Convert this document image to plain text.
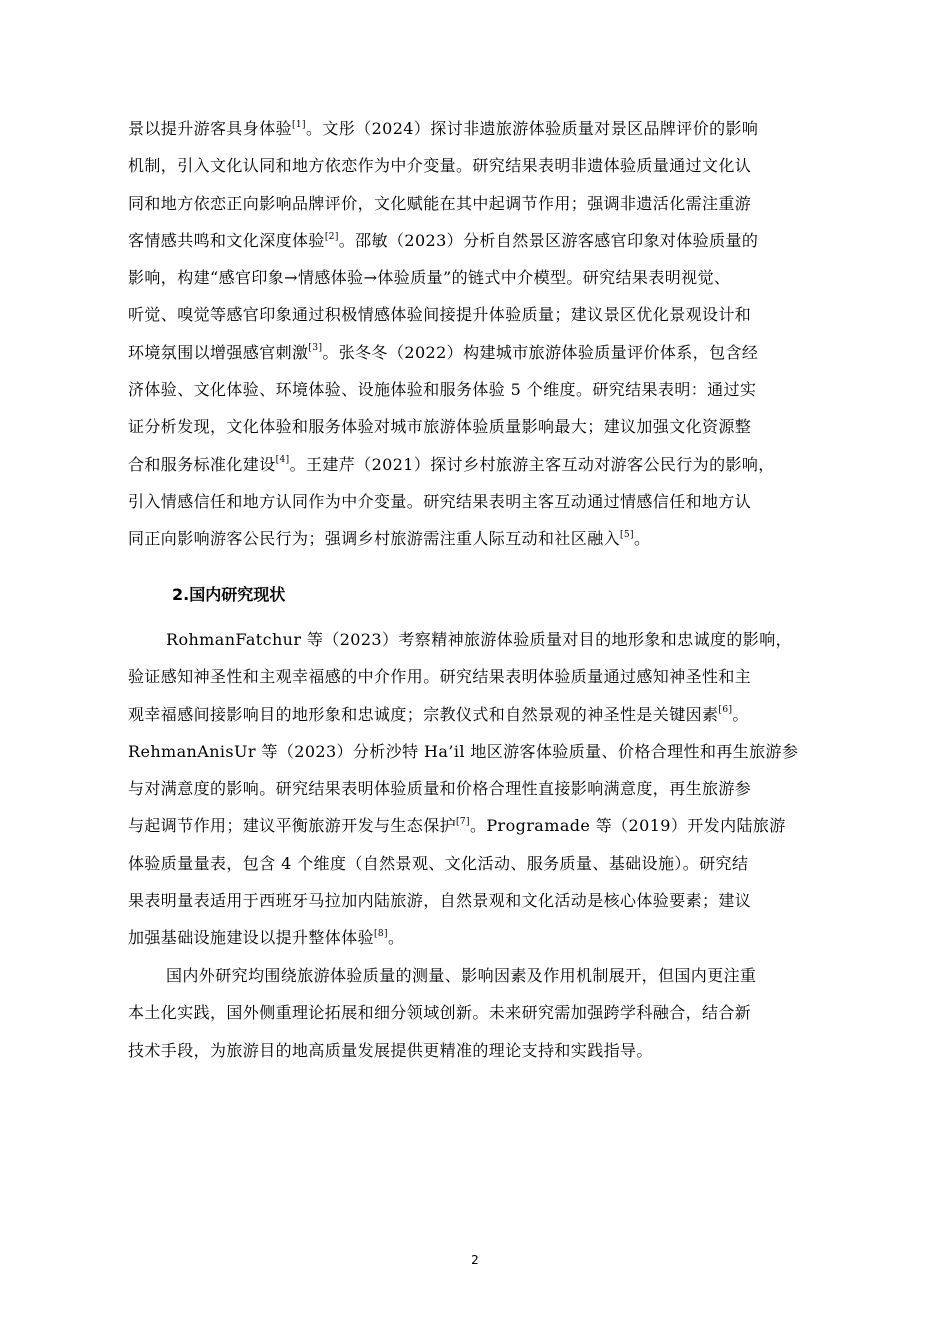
景以提升游客具身体验[1]。文彤（2024）探讨非遗旅游体验质量对景区品牌评价的影响
机制，引入文化认同和地方依恋作为中介变量。研究结果表明非遗体验质量通过文化认
同和地方依恋正向影响品牌评价，文化赋能在其中起调节作用；强调非遗活化需注重游
客情感共鸣和文化深度体验[2]。邵敏（2023）分析自然景区游客感官印象对体验质量的
影响，构建“感官印象→情感体验→体验质量”的链式中介模型。研究结果表明视觉、
听觉、嗅觉等感官印象通过积极情感体验间接提升体验质量；建议景区优化景观设计和
环境氛围以增强感官刺激[3]。张冬冬（2022）构建城市旅游体验质量评价体系，包含经
济体验、文化体验、环境体验、设施体验和服务体验 5 个维度。研究结果表明：通过实
证分析发现，文化体验和服务体验对城市旅游体验质量影响最大；建议加强文化资源整
合和服务标准化建设[4]。王建芹（2021）探讨乡村旅游主客互动对游客公民行为的影响，
引入情感信任和地方认同作为中介变量。研究结果表明主客互动通过情感信任和地方认
同正向影响游客公民行为；强调乡村旅游需注重人际互动和社区融入[5]。
2.国内研究现状
RohmanFatchur 等（2023）考察精神旅游体验质量对目的地形象和忠诚度的影响，
验证感知神圣性和主观幸福感的中介作用。研究结果表明体验质量通过感知神圣性和主
观幸福感间接影响目的地形象和忠诚度；宗教仪式和自然景观的神圣性是关键因素[6]。
RehmanAnisUr 等（2023）分析沙特 Ha’il 地区游客体验质量、价格合理性和再生旅游参
与对满意度的影响。研究结果表明体验质量和价格合理性直接影响满意度，再生旅游参
与起调节作用；建议平衡旅游开发与生态保护[7]。Programade 等（2019）开发内陆旅游
体验质量量表，包含 4 个维度（自然景观、文化活动、服务质量、基础设施）。研究结
果表明量表适用于西班牙马拉加内陆旅游，自然景观和文化活动是核心体验要素；建议
加强基础设施建设以提升整体体验[8]。
国内外研究均围绕旅游体验质量的测量、影响因素及作用机制展开，但国内更注重
本土化实践，国外侧重理论拓展和细分领域创新。未来研究需加强跨学科融合，结合新
技术手段，为旅游目的地高质量发展提供更精准的理论支持和实践指导。
2
